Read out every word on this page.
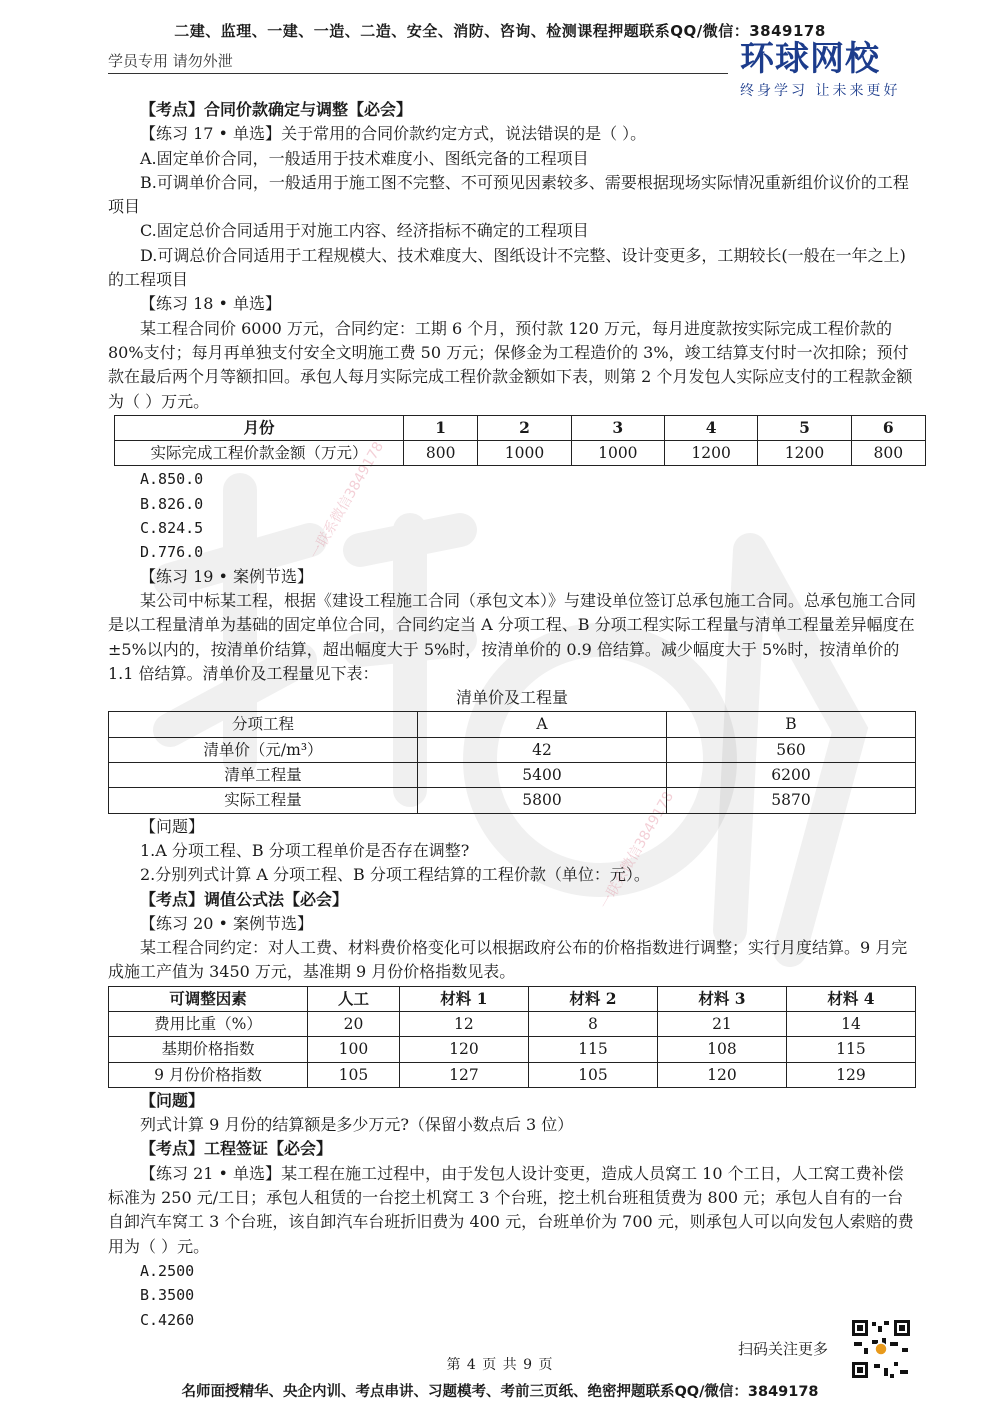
二建、监理、一建、一造、二造、安全、消防、咨询、检测课程押题联系QQ/微信：3849178
学员专用 请勿外泄	环球网校
终身学习 让未来更好
一联系微信3849178
一联系微信3849178

【考点】合同价款确定与调整【必会】

【练习 17 • 单选】关于常用的合同价款约定方式，说法错误的是（ ）。

A.固定单价合同，一般适用于技术难度小、图纸完备的工程项目

B.可调单价合同，一般适用于施工图不完整、不可预见因素较多、需要根据现场实际情况重新组价议价的工程项目

C.固定总价合同适用于对施工内容、经济指标不确定的工程项目

D.可调总价合同适用于工程规模大、技术难度大、图纸设计不完整、设计变更多，工期较长(一般在一年之上)的工程项目

【练习 18 • 单选】

某工程合同价 6000 万元，合同约定：工期 6 个月，预付款 120 万元，每月进度款按实际完成工程价款的 80%支付；每月再单独支付安全文明施工费 50 万元；保修金为工程造价的 3%，竣工结算支付时一次扣除；预付款在最后两个月等额扣回。承包人每月实际完成工程价款金额如下表，则第 2 个月发包人实际应支付的工程款金额为（ ）万元。

月份	1	2	3	4	5	6
实际完成工程价款金额（万元）	800	1000	1000	1200	1200	800

A.850.0

B.826.0

C.824.5

D.776.0

【练习 19 • 案例节选】

某公司中标某工程，根据《建设工程施工合同（承包文本）》与建设单位签订总承包施工合同。总承包施工合同是以工程量清单为基础的固定单位合同，合同约定当 A 分项工程、B 分项工程实际工程量与清单工程量差异幅度在±5%以内的，按清单价结算，超出幅度大于 5%时，按清单价的 0.9 倍结算。减少幅度大于 5%时，按清单价的 1.1 倍结算。清单价及工程量见下表：

清单价及工程量

分项工程	A	B
清单价（元/m³）	42	560
清单工程量	5400	6200
实际工程量	5800	5870

【问题】

1.A 分项工程、B 分项工程单价是否存在调整?

2.分别列式计算 A 分项工程、B 分项工程结算的工程价款（单位：元）。

【考点】调值公式法【必会】

【练习 20 • 案例节选】

某工程合同约定：对人工费、材料费价格变化可以根据政府公布的价格指数进行调整；实行月度结算。9 月完成施工产值为 3450 万元，基准期 9 月份价格指数见表。

可调整因素	人工	材料 1	材料 2	材料 3	材料 4
费用比重（%）	20	12	8	21	14
基期价格指数	100	120	115	108	115
9 月份价格指数	105	127	105	120	129

【问题】

列式计算 9 月份的结算额是多少万元?（保留小数点后 3 位）

【考点】工程签证【必会】

【练习 21 • 单选】某工程在施工过程中，由于发包人设计变更，造成人员窝工 10 个工日，人工窝工费补偿标准为 250 元/工日；承包人租赁的一台挖土机窝工 3 个台班，挖土机台班租赁费为 800 元；承包人自有的一台自卸汽车窝工 3 个台班，该自卸汽车台班折旧费为 400 元，台班单价为 700 元，则承包人可以向发包人索赔的费用为（ ）元。

A.2500

B.3500

C.4260

扫码关注更多
第 4 页 共 9 页
名师面授精华、央企内训、考点串讲、习题模考、考前三页纸、绝密押题联系QQ/微信：3849178
